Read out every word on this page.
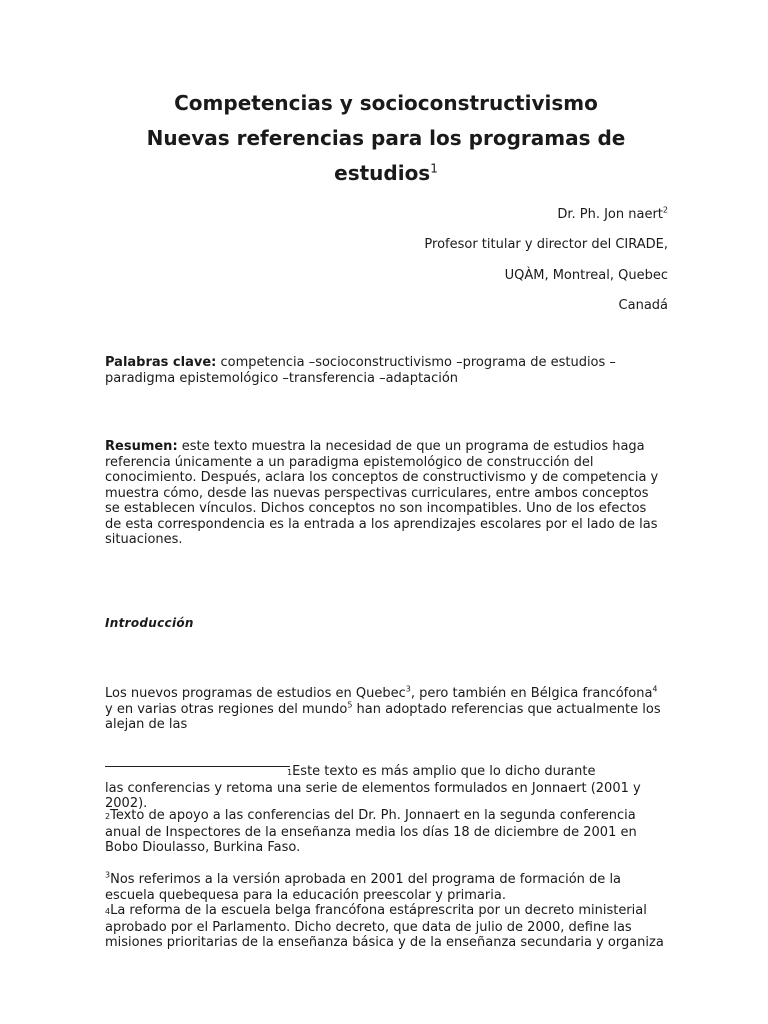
Competencias y socioconstructivismo
Nuevas referencias para los programas de
estudios$^1$

Dr. Ph. Jon naert$^2$

Profesor titular y director del CIRADE,

UQÀM, Montreal, Quebec

Canadá

Palabras clave: competencia –socioconstructivismo –programa de estudios –paradigma epistemológico –transferencia –adaptación

Resumen: este texto muestra la necesidad de que un programa de estudios haga referencia únicamente a un paradigma epistemológico de construcción del conocimiento. Después, aclara los conceptos de constructivismo y de competencia y muestra cómo, desde las nuevas perspectivas curriculares, entre ambos conceptos se establecen vínculos. Dichos conceptos no son incompatibles. Uno de los efectos de esta correspondencia es la entrada a los aprendizajes escolares por el lado de las situaciones.

Introducción

Los nuevos programas de estudios en Quebec$^3$, pero también en Bélgica francófona$^4$ y en varias otras regiones del mundo$^5$ han adoptado referencias que actualmente los alejan de las

1Este texto es más amplio que lo dicho durante
las conferencias y retoma una serie de elementos formulados en Jonnaert (2001 y 2002).

2Texto de apoyo a las conferencias del Dr. Ph. Jonnaert en la segunda conferencia anual de Inspectores de la enseñanza media los días 18 de diciembre de 2001 en Bobo Dioulasso, Burkina Faso.

$^3$Nos referimos a la versión aprobada en 2001 del programa de formación de la escuela quebequesa para la educación preescolar y primaria.

4La reforma de la escuela belga francófona estáprescrita por un decreto ministerial aprobado por el Parlamento. Dicho decreto, que data de julio de 2000, define las misiones prioritarias de la enseñanza básica y de la enseñanza secundaria y organiza
